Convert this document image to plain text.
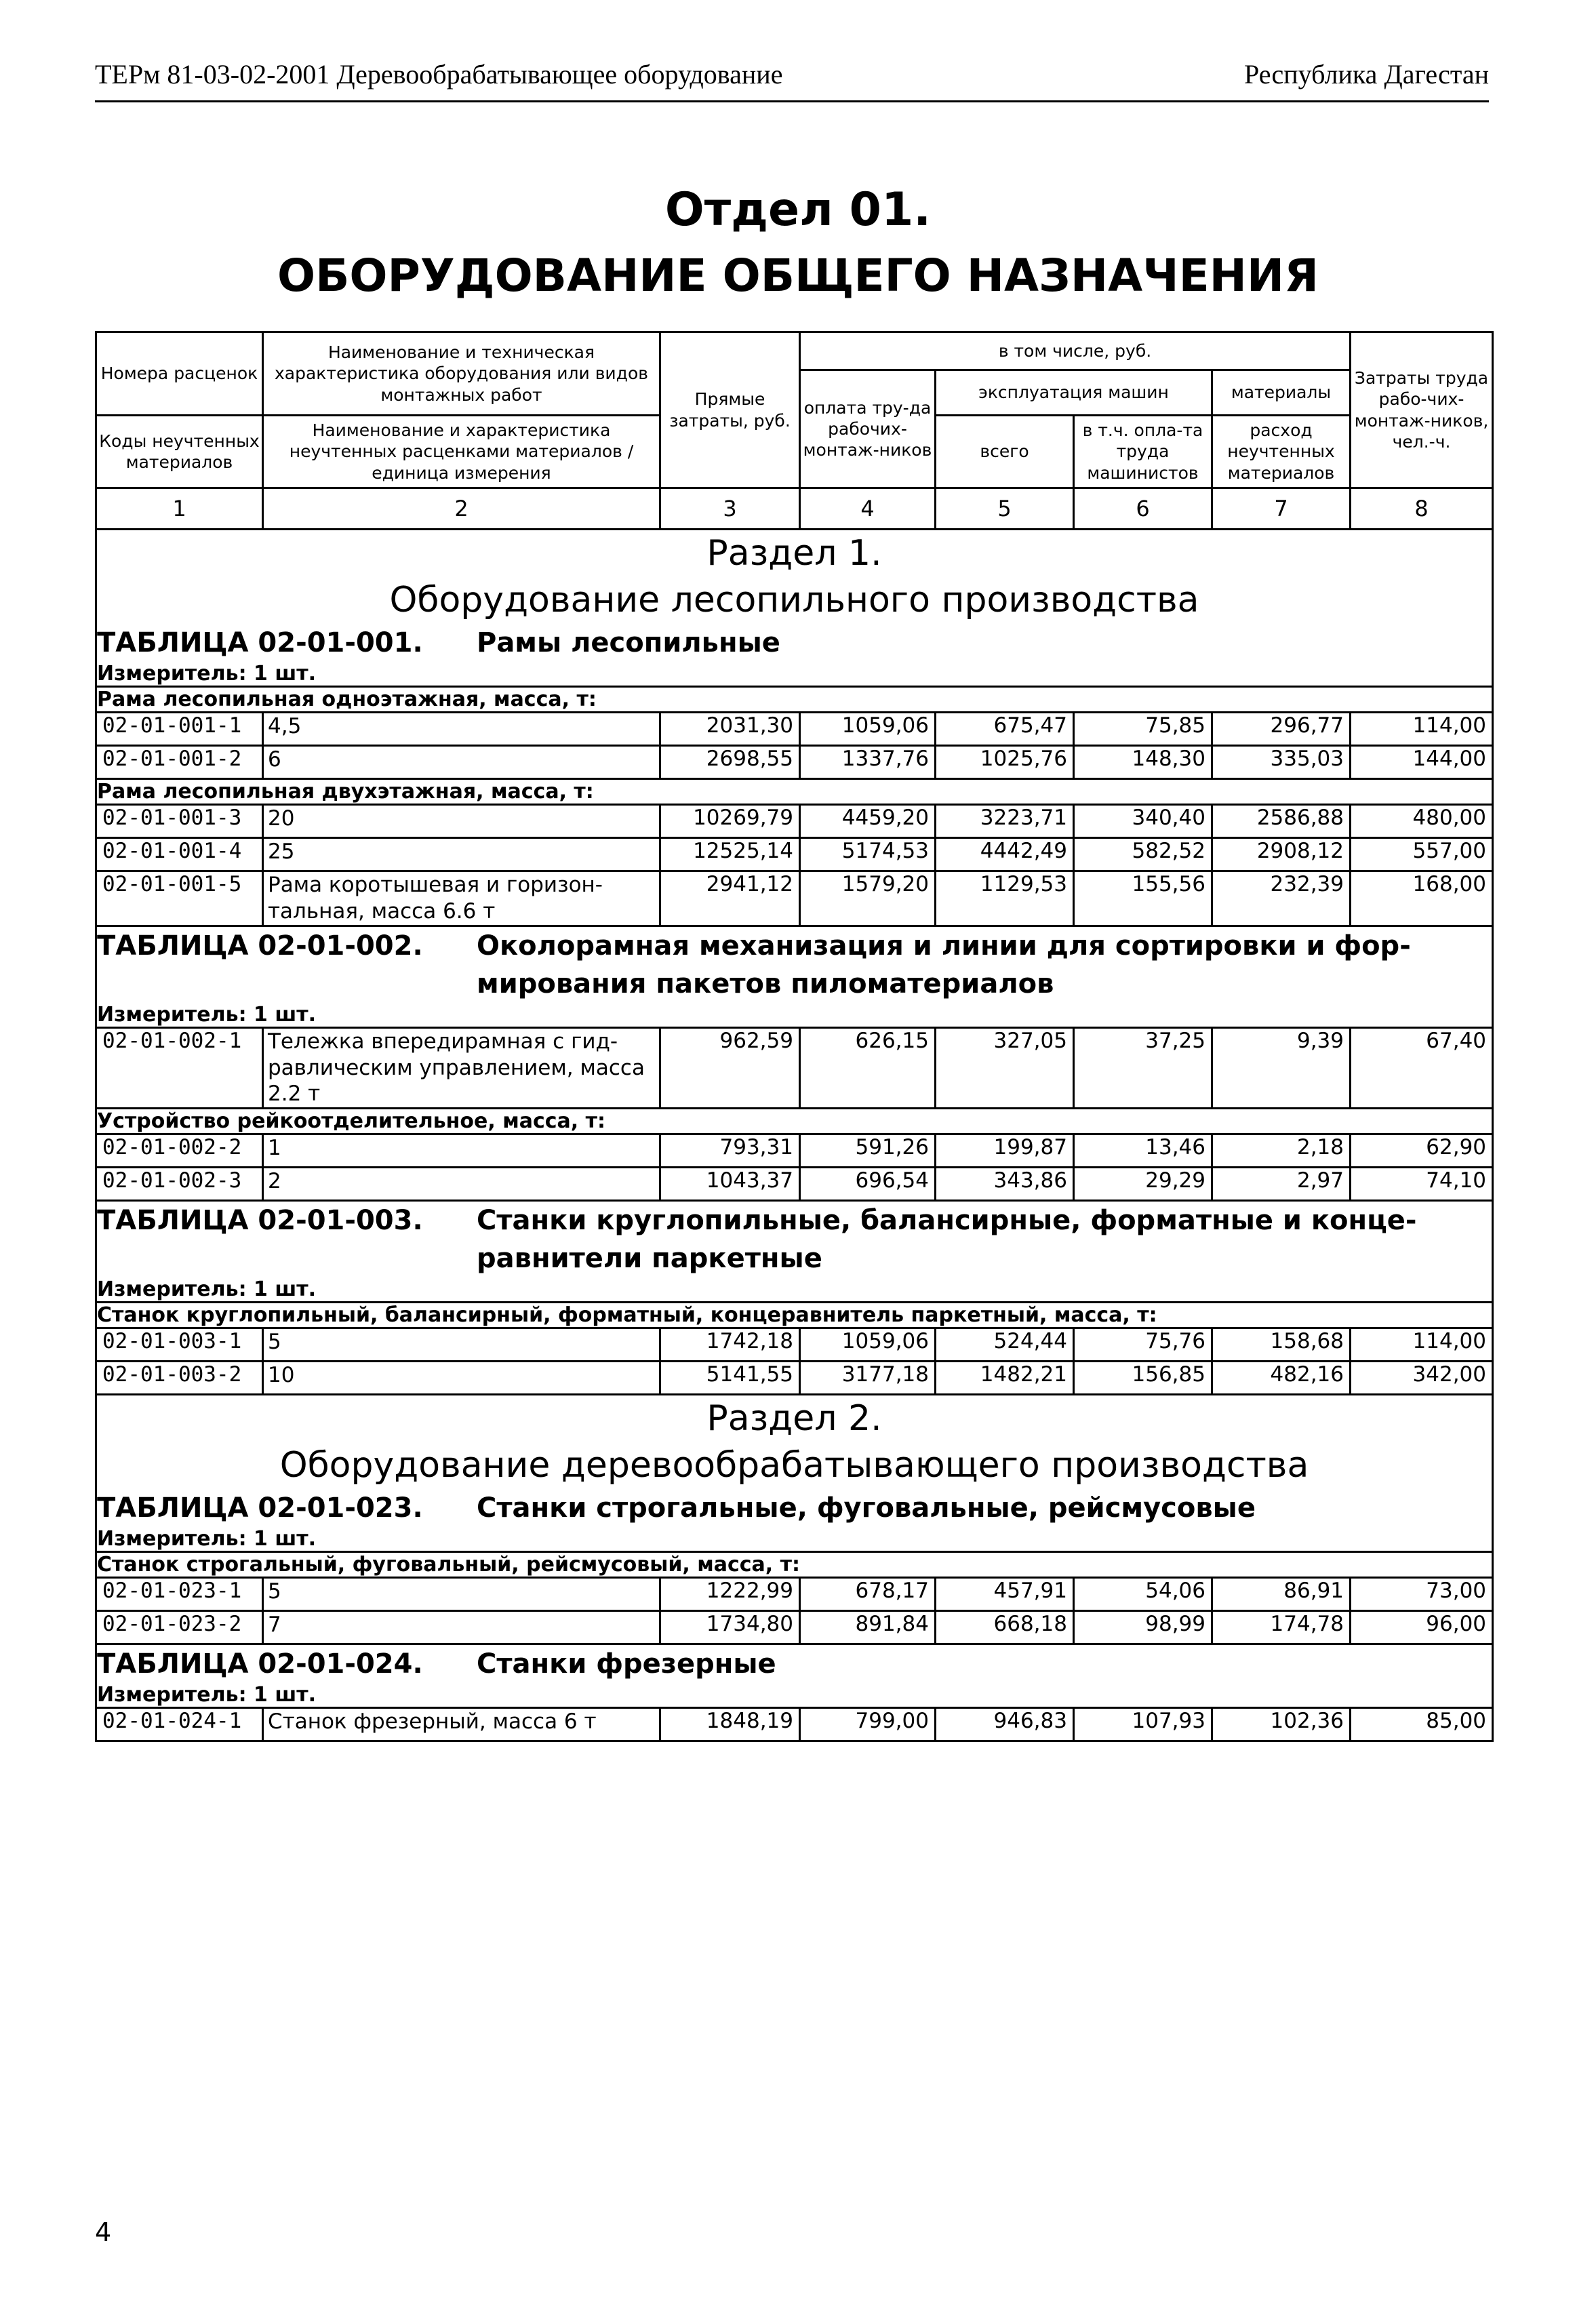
ТЕРм 81-03-02-2001 Деревообрабатывающее оборудование	Республика Дагестан
Отдел 01.
ОБОРУДОВАНИЕ ОБЩЕГО НАЗНАЧЕНИЯ
Номера расценок	Наименование и техническая характеристика оборудования или видов монтажных работ	Прямые затраты, руб.	в том числе, руб.				Затраты труда рабо-чих-монтаж-ников, чел.-ч.
			оплата тру-да рабочих-монтаж-ников	эксплуатация машин		материалы	
Коды неучтенных материалов	Наименование и характеристика неучтенных расценками материалов / единица измерения			всего	в т.ч. опла-та труда машинистов	расход неучтенных материалов	

1	2	3	4	5	6	7	8

Раздел 1.
Оборудование лесопильного производства							

ТАБЛИЦА 02-01-001. Рамы лесопильные							
Измеритель: 1 шт.							
Рама лесопильная одноэтажная, масса, т:							
02-01-001-1	4,5	2031,30	1059,06	675,47	75,85	296,77	114,00
02-01-001-2	6	2698,55	1337,76	1025,76	148,30	335,03	144,00
Рама лесопильная двухэтажная, масса, т:							
02-01-001-3	20	10269,79	4459,20	3223,71	340,40	2586,88	480,00
02-01-001-4	25	12525,14	5174,53	4442,49	582,52	2908,12	557,00
02-01-001-5	Рама коротышевая и горизон-тальная, масса 6.6 т	2941,12	1579,20	1129,53	155,56	232,39	168,00
ТАБЛИЦА 02-01-002. Околорамная механизация и линии для сортировки и фор-мирования пакетов пиломатериалов							
Измеритель: 1 шт.							
02-01-002-1	Тележка впередирамная с гид-равлическим управлением, масса 2.2 т	962,59	626,15	327,05	37,25	9,39	67,40
Устройство рейкоотделительное, масса, т:							
02-01-002-2	1	793,31	591,26	199,87	13,46	2,18	62,90
02-01-002-3	2	1043,37	696,54	343,86	29,29	2,97	74,10
ТАБЛИЦА 02-01-003. Станки круглопильные, балансирные, форматные и конце-равнители паркетные							
Измеритель: 1 шт.							
Станок круглопильный, балансирный, форматный, концеравнитель паркетный, масса, т:							
02-01-003-1	5	1742,18	1059,06	524,44	75,76	158,68	114,00
02-01-003-2	10	5141,55	3177,18	1482,21	156,85	482,16	342,00

Раздел 2.
Оборудование деревообрабатывающего производства							

ТАБЛИЦА 02-01-023. Станки строгальные, фуговальные, рейсмусовые							
Измеритель: 1 шт.							
Станок строгальный, фуговальный, рейсмусовый, масса, т:							
02-01-023-1	5	1222,99	678,17	457,91	54,06	86,91	73,00
02-01-023-2	7	1734,80	891,84	668,18	98,99	174,78	96,00
ТАБЛИЦА 02-01-024. Станки фрезерные							
Измеритель: 1 шт.							
02-01-024-1	Станок фрезерный, масса 6 т	1848,19	799,00	946,83	107,93	102,36	85,00
4
